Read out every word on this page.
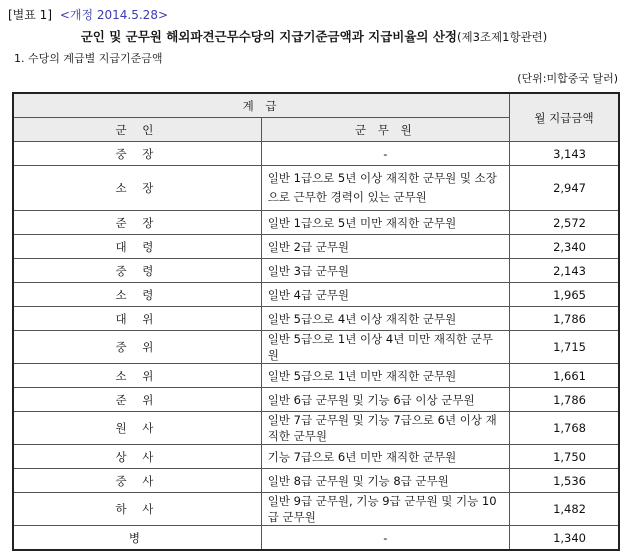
[별표 1] <개정 2014.5.28>
군인 및 군무원 해외파견근무수당의 지급기준금액과 지급비율의 산정(제3조제1항관련)
1. 수당의 계급별 지급기준금액
(단위:미합중국 달러)
계 급		월 지급금액
군 인	군 무 원	
중 장	-	3,143
소 장	일반 1급으로 5년 이상 재직한 군무원 및 소장으로 근무한 경력이 있는 군무원	2,947
준 장	일반 1급으로 5년 미만 재직한 군무원	2,572
대 령	일반 2급 군무원	2,340
중 령	일반 3급 군무원	2,143
소 령	일반 4급 군무원	1,965
대 위	일반 5급으로 4년 이상 재직한 군무원	1,786
중 위	일반 5급으로 1년 이상 4년 미만 재직한 군무원	1,715
소 위	일반 5급으로 1년 미만 재직한 군무원	1,661
준 위	일반 6급 군무원 및 기능 6급 이상 군무원	1,786
원 사	일반 7급 군무원 및 기능 7급으로 6년 이상 재직한 군무원	1,768
상 사	기능 7급으로 6년 미만 재직한 군무원	1,750
중 사	일반 8급 군무원 및 기능 8급 군무원	1,536
하 사	일반 9급 군무원, 기능 9급 군무원 및 기능 10급 군무원	1,482
병	-	1,340
